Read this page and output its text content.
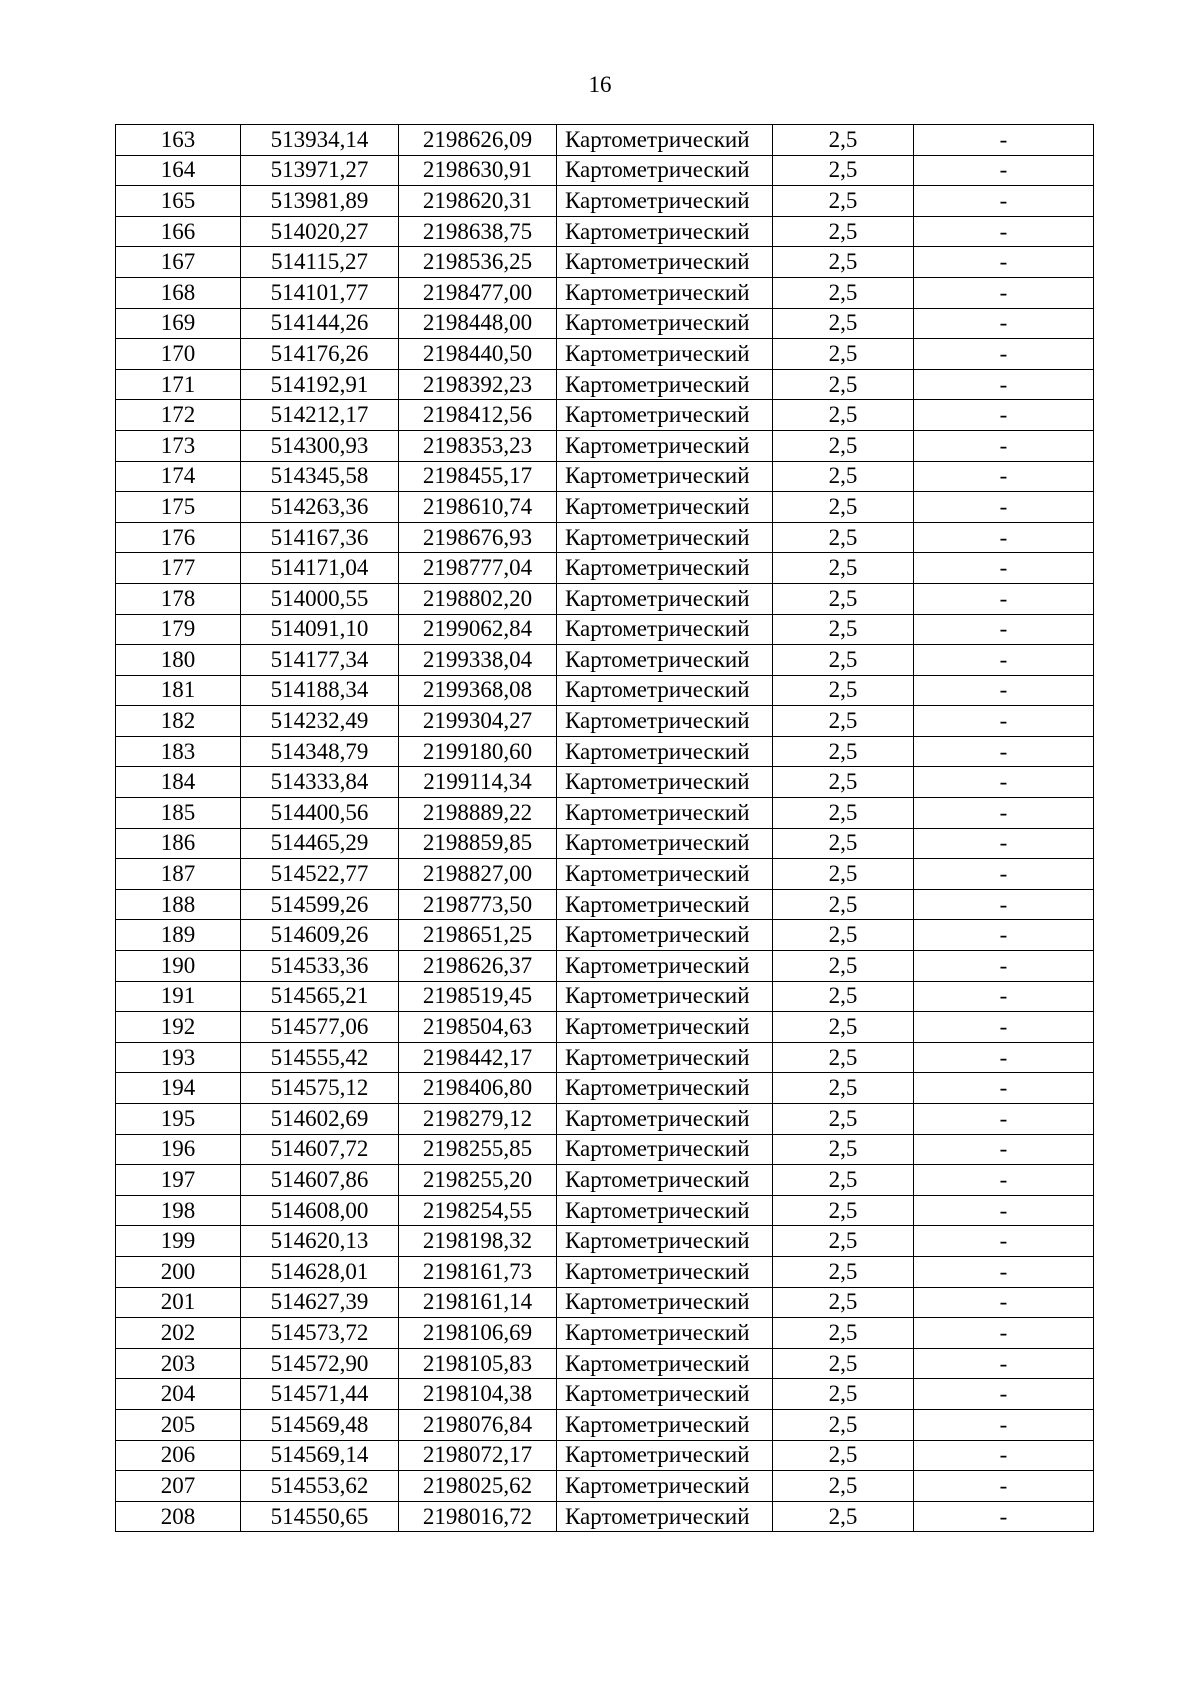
16
163	513934,14	2198626,09	Картометрический	2,5	-
164	513971,27	2198630,91	Картометрический	2,5	-
165	513981,89	2198620,31	Картометрический	2,5	-
166	514020,27	2198638,75	Картометрический	2,5	-
167	514115,27	2198536,25	Картометрический	2,5	-
168	514101,77	2198477,00	Картометрический	2,5	-
169	514144,26	2198448,00	Картометрический	2,5	-
170	514176,26	2198440,50	Картометрический	2,5	-
171	514192,91	2198392,23	Картометрический	2,5	-
172	514212,17	2198412,56	Картометрический	2,5	-
173	514300,93	2198353,23	Картометрический	2,5	-
174	514345,58	2198455,17	Картометрический	2,5	-
175	514263,36	2198610,74	Картометрический	2,5	-
176	514167,36	2198676,93	Картометрический	2,5	-
177	514171,04	2198777,04	Картометрический	2,5	-
178	514000,55	2198802,20	Картометрический	2,5	-
179	514091,10	2199062,84	Картометрический	2,5	-
180	514177,34	2199338,04	Картометрический	2,5	-
181	514188,34	2199368,08	Картометрический	2,5	-
182	514232,49	2199304,27	Картометрический	2,5	-
183	514348,79	2199180,60	Картометрический	2,5	-
184	514333,84	2199114,34	Картометрический	2,5	-
185	514400,56	2198889,22	Картометрический	2,5	-
186	514465,29	2198859,85	Картометрический	2,5	-
187	514522,77	2198827,00	Картометрический	2,5	-
188	514599,26	2198773,50	Картометрический	2,5	-
189	514609,26	2198651,25	Картометрический	2,5	-
190	514533,36	2198626,37	Картометрический	2,5	-
191	514565,21	2198519,45	Картометрический	2,5	-
192	514577,06	2198504,63	Картометрический	2,5	-
193	514555,42	2198442,17	Картометрический	2,5	-
194	514575,12	2198406,80	Картометрический	2,5	-
195	514602,69	2198279,12	Картометрический	2,5	-
196	514607,72	2198255,85	Картометрический	2,5	-
197	514607,86	2198255,20	Картометрический	2,5	-
198	514608,00	2198254,55	Картометрический	2,5	-
199	514620,13	2198198,32	Картометрический	2,5	-
200	514628,01	2198161,73	Картометрический	2,5	-
201	514627,39	2198161,14	Картометрический	2,5	-
202	514573,72	2198106,69	Картометрический	2,5	-
203	514572,90	2198105,83	Картометрический	2,5	-
204	514571,44	2198104,38	Картометрический	2,5	-
205	514569,48	2198076,84	Картометрический	2,5	-
206	514569,14	2198072,17	Картометрический	2,5	-
207	514553,62	2198025,62	Картометрический	2,5	-
208	514550,65	2198016,72	Картометрический	2,5	-
